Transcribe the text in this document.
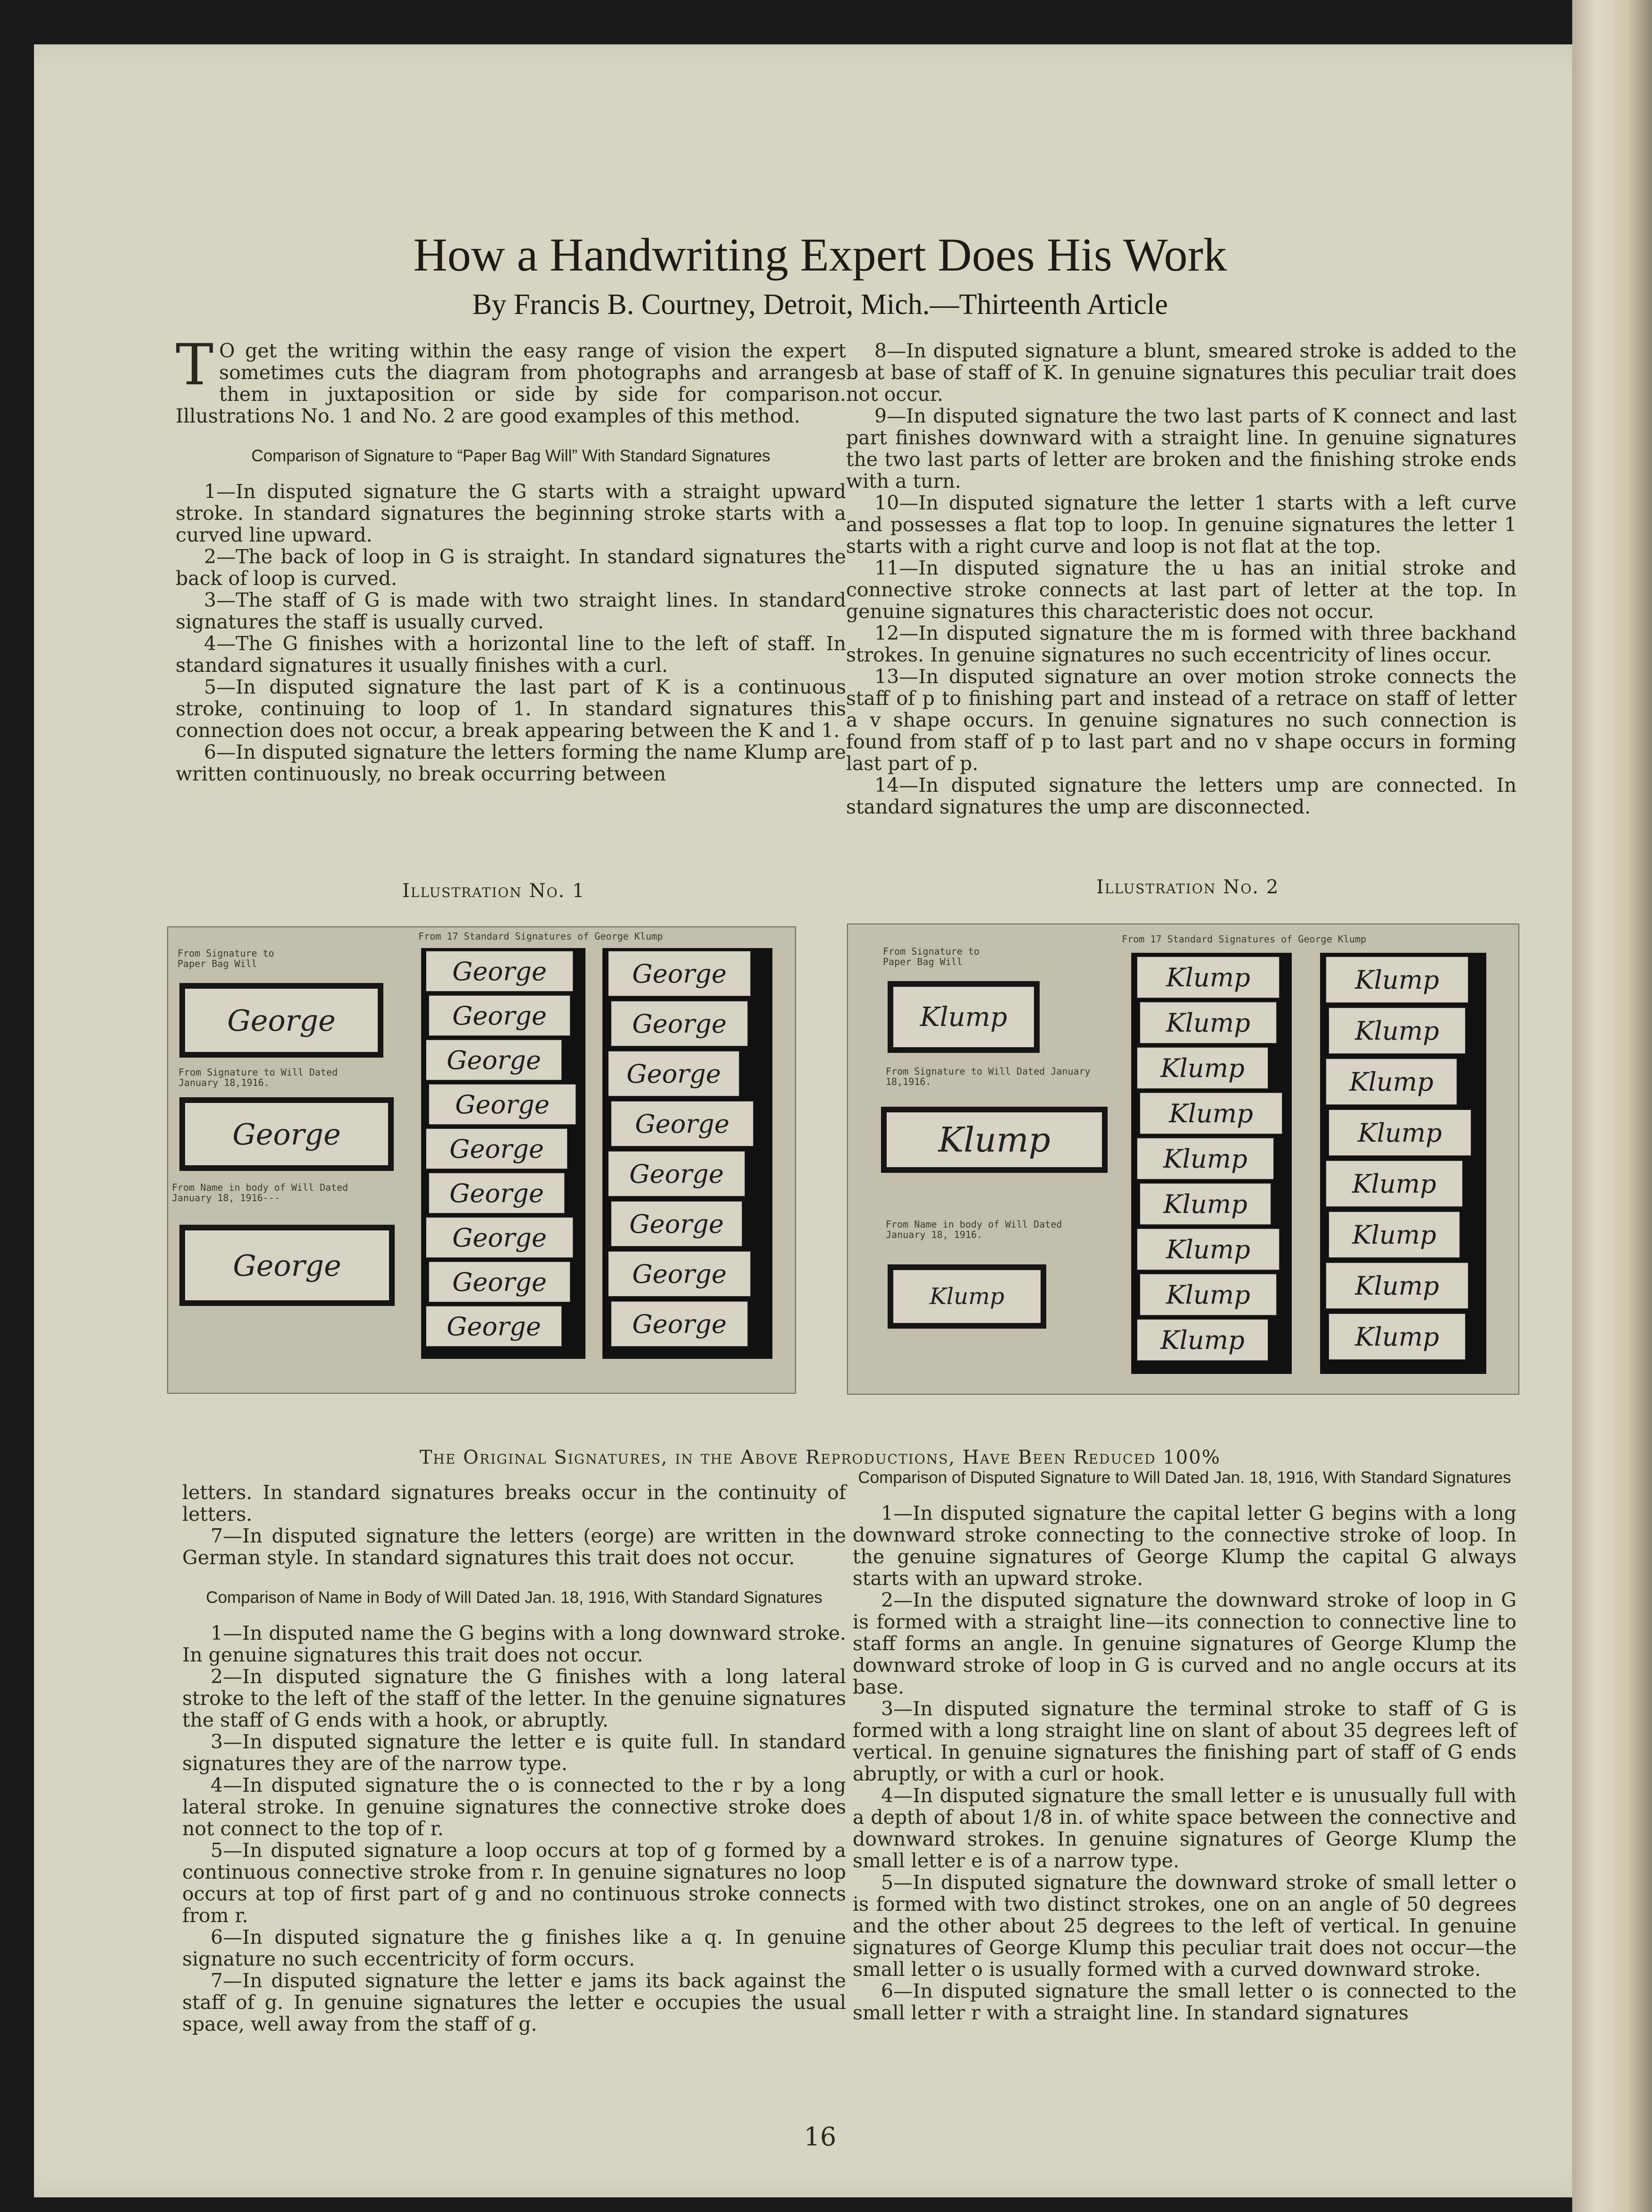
How a Handwriting Expert Does His Work
By Francis B. Courtney, Detroit, Mich.—Thirteenth Article

T O get the writing within the easy range of vision the expert sometimes cuts the diagram from photographs and arranges them in juxtaposition or side by side for comparison. Illustrations No. 1 and No. 2 are good examples of this method.

Comparison of Signature to “Paper Bag Will” With Standard Signatures

1—In disputed signature the G starts with a straight upward stroke. In standard signatures the beginning stroke starts with a curved line upward.

2—The back of loop in G is straight. In standard signatures the back of loop is curved.

3—The staff of G is made with two straight lines. In standard signatures the staff is usually curved.

4—The G finishes with a horizontal line to the left of staff. In standard signatures it usually finishes with a curl.

5—In disputed signature the last part of K is a continuous stroke, continuing to loop of 1. In standard signatures this connection does not occur, a break appearing between the K and 1.

6—In disputed signature the letters forming the name Klump are written continuously, no break occurring between

8—In disputed signature a blunt, smeared stroke is added to the b at base of staff of K. In genuine signatures this peculiar trait does not occur.

9—In disputed signature the two last parts of K connect and last part finishes downward with a straight line. In genuine signatures the two last parts of letter are broken and the finishing stroke ends with a turn.

10—In disputed signature the letter 1 starts with a left curve and possesses a flat top to loop. In genuine signatures the letter 1 starts with a right curve and loop is not flat at the top.

11—In disputed signature the u has an initial stroke and connective stroke connects at last part of letter at the top. In genuine signatures this characteristic does not occur.

12—In disputed signature the m is formed with three backhand strokes. In genuine signatures no such eccentricity of lines occur.

13—In disputed signature an over motion stroke connects the staff of p to finishing part and instead of a retrace on staff of letter a v shape occurs. In genuine signatures no such connection is found from staff of p to last part and no v shape occurs in forming last part of p.

14—In disputed signature the letters ump are connected. In standard signatures the ump are disconnected.

Illustration No. 1	Illustration No. 2
From 17 Standard Signatures of George Klump
From Signature to Paper Bag Will
George
From Signature to Will Dated January 18,1916.
George
From Name in body of Will Dated January 18, 1916---
George
George
George
George
George
George
George
George
George
George
George
George
George
George
George
George
George
George
From 17 Standard Signatures of George Klump
From Signature to Paper Bag Will
Klump
From Signature to Will Dated January 18,1916.
Klump
From Name in body of Will Dated January 18, 1916.
Klump
Klump
Klump
Klump
Klump
Klump
Klump
Klump
Klump
Klump
Klump
Klump
Klump
Klump
Klump
Klump
Klump
Klump
The Original Signatures, in the Above Reproductions, Have Been Reduced 100%

letters. In standard signatures breaks occur in the continuity of letters.

7—In disputed signature the letters (eorge) are written in the German style. In standard signatures this trait does not occur.

Comparison of Name in Body of Will Dated Jan. 18, 1916, With Standard Signatures

1—In disputed name the G begins with a long downward stroke. In genuine signatures this trait does not occur.

2—In disputed signature the G finishes with a long lateral stroke to the left of the staff of the letter. In the genuine signatures the staff of G ends with a hook, or abruptly.

3—In disputed signature the letter e is quite full. In standard signatures they are of the narrow type.

4—In disputed signature the o is connected to the r by a long lateral stroke. In genuine signatures the connective stroke does not connect to the top of r.

5—In disputed signature a loop occurs at top of g formed by a continuous connective stroke from r. In genuine signatures no loop occurs at top of first part of g and no continuous stroke connects from r.

6—In disputed signature the g finishes like a q. In genuine signature no such eccentricity of form occurs.

7—In disputed signature the letter e jams its back against the staff of g. In genuine signatures the letter e occupies the usual space, well away from the staff of g.

Comparison of Disputed Signature to Will Dated Jan. 18, 1916, With Standard Signatures

1—In disputed signature the capital letter G begins with a long downward stroke connecting to the connective stroke of loop. In the genuine signatures of George Klump the capital G always starts with an upward stroke.

2—In the disputed signature the downward stroke of loop in G is formed with a straight line—its connection to connective line to staff forms an angle. In genuine signatures of George Klump the downward stroke of loop in G is curved and no angle occurs at its base.

3—In disputed signature the terminal stroke to staff of G is formed with a long straight line on slant of about 35 degrees left of vertical. In genuine signatures the finishing part of staff of G ends abruptly, or with a curl or hook.

4—In disputed signature the small letter e is unusually full with a depth of about 1/8 in. of white space between the connective and downward strokes. In genuine signatures of George Klump the small letter e is of a narrow type.

5—In disputed signature the downward stroke of small letter o is formed with two distinct strokes, one on an angle of 50 degrees and the other about 25 degrees to the left of vertical. In genuine signatures of George Klump this peculiar trait does not occur—the small letter o is usually formed with a curved downward stroke.

6—In disputed signature the small letter o is connected to the small letter r with a straight line. In standard signatures

16
